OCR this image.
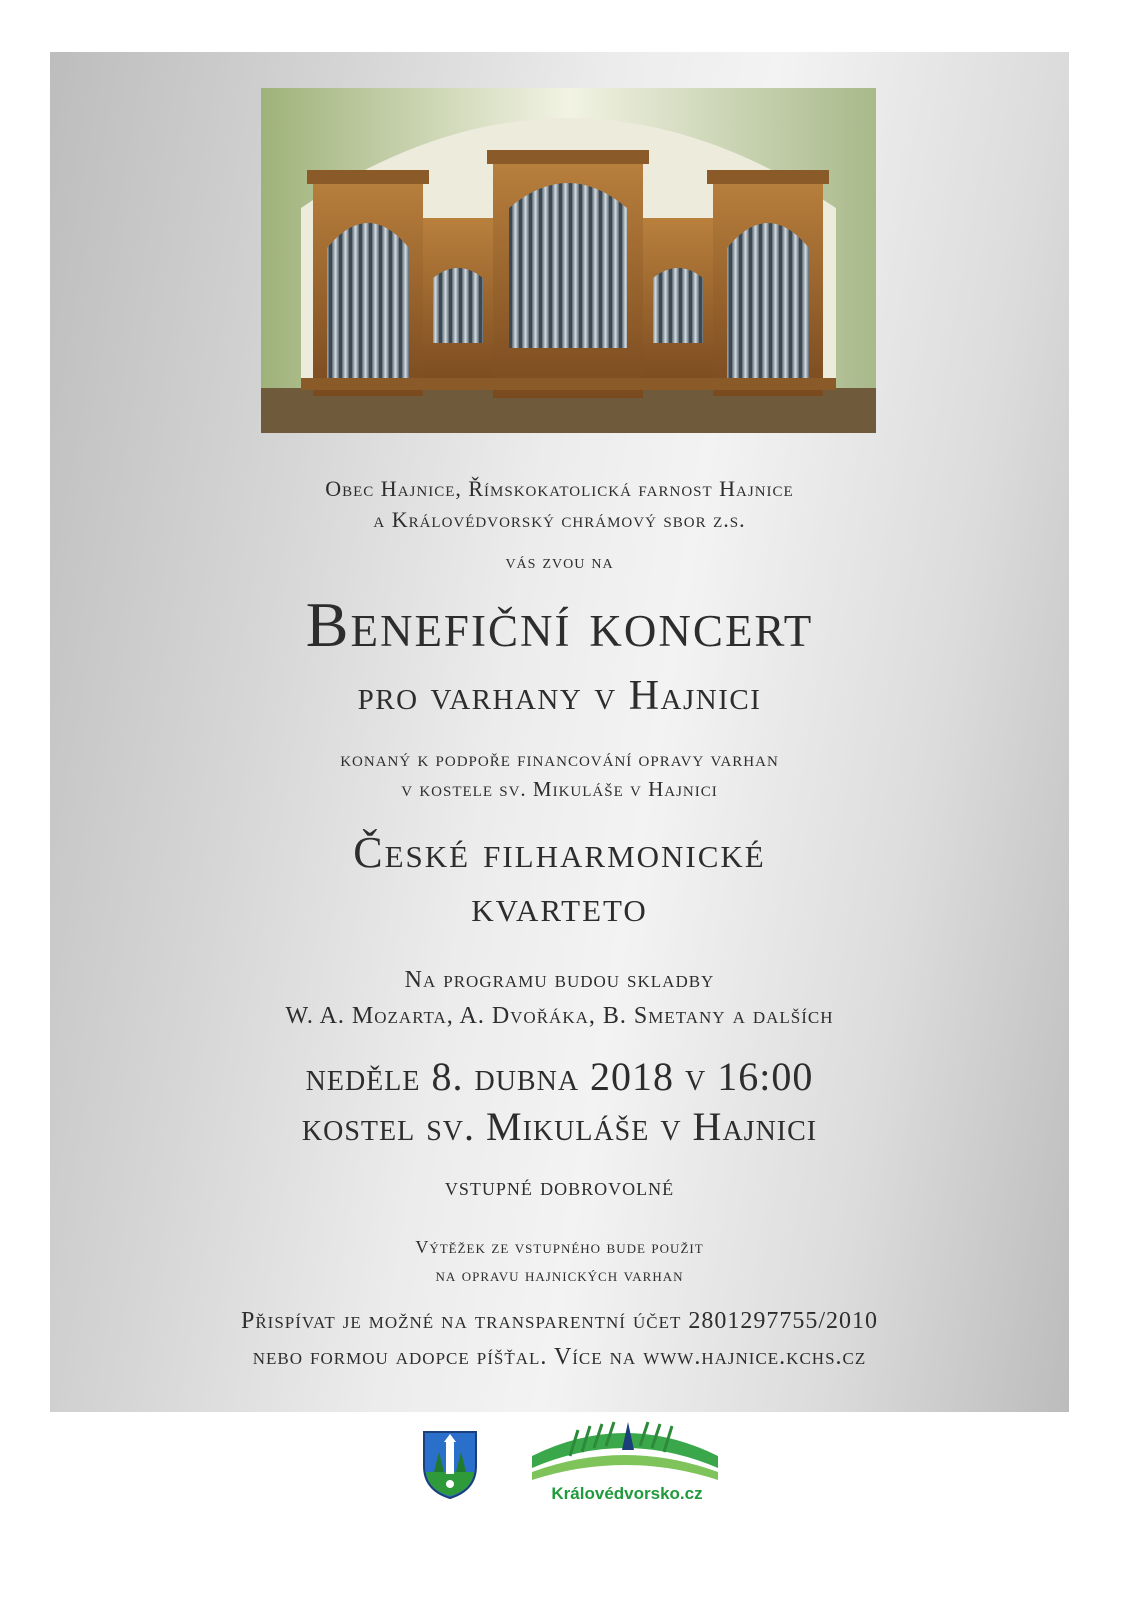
Obec Hajnice, Římskokatolická farnost Hajnice
a Královédvorský chrámový sbor z.s.
vás zvou na
Benefiční koncert
pro varhany v Hajnici
konaný k podpoře financování opravy varhan
v kostele sv. Mikuláše v Hajnici
České filharmonické
kvarteto
Na programu budou skladby
W. A. Mozarta, A. Dvořáka, B. Smetany a dalších
neděle 8. dubna 2018 v 16:00
kostel sv. Mikuláše v Hajnici
vstupné dobrovolné
Výtěžek ze vstupného bude použit
na opravu hajnických varhan
Přispívat je možné na transparentní účet 2801297755/2010
nebo formou adopce píšťal. Více na www.hajnice.kchs.cz
Královédvorsko.cz
